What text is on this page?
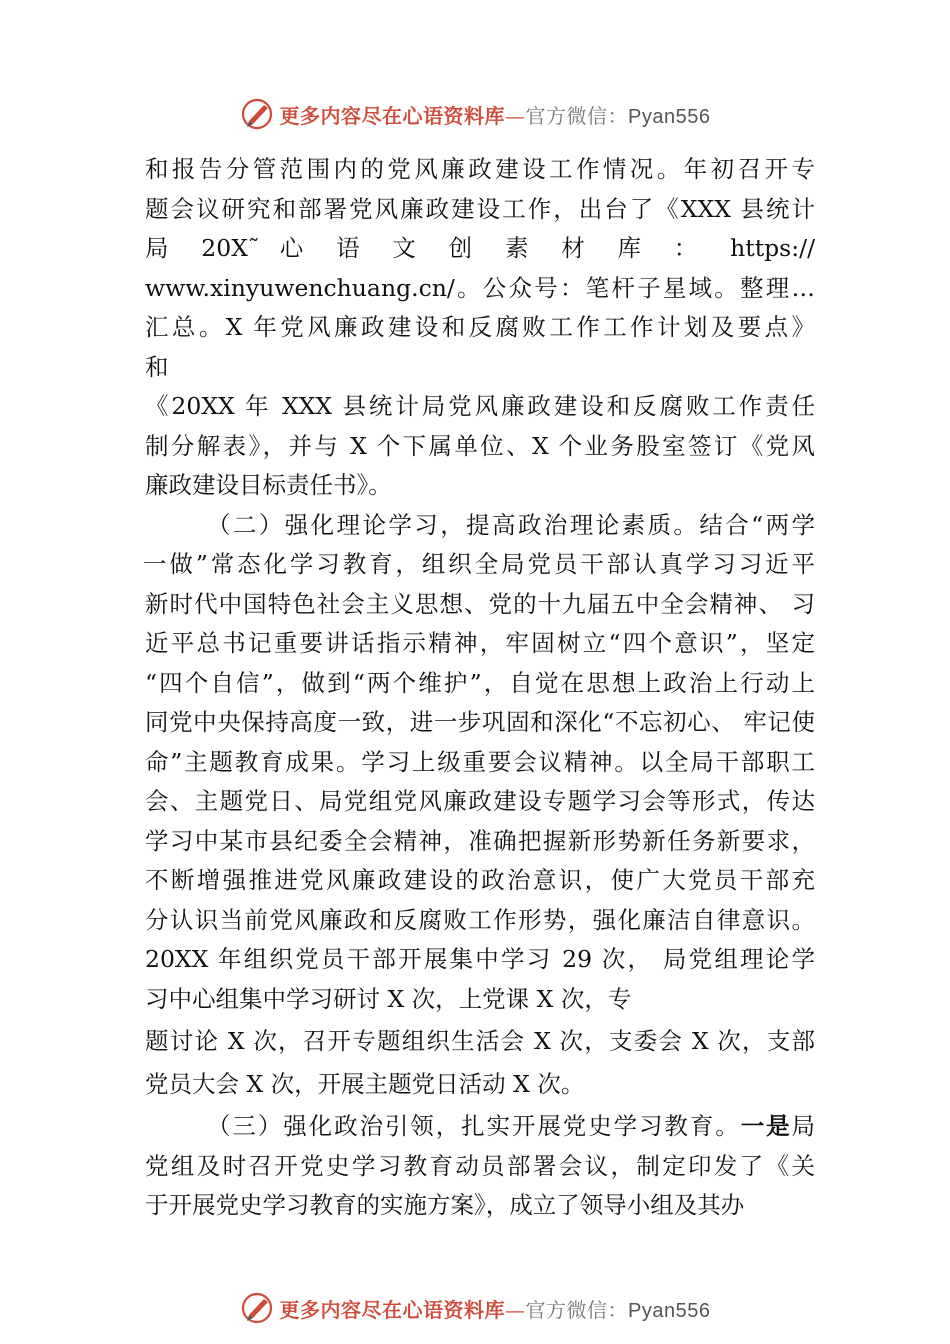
更多内容尽在心语资料库—官方微信：Pyan556
和报告分管范围内的党风廉政建设工作情况。年初召开专
题会议研究和部署党风廉政建设工作，出台了《XXX 县统计
局 20X˜ 心 语 文 创 素 材 库 ： https://
www.xinyuwenchuang.cn/。公众号：笔杆子星域。整理…
汇总。X 年党风廉政建设和反腐败工作工作计划及要点》
和
《20XX 年 XXX 县统计局党风廉政建设和反腐败工作责任
制分解表》，并与 X 个下属单位、X 个业务股室签订《党风
廉政建设目标责任书》。
（二）强化理论学习，提高政治理论素质。结合“两学
一做”常态化学习教育，组织全局党员干部认真学习习近平
新时代中国特色社会主义思想、党的十九届五中全会精神、 习
近平总书记重要讲话指示精神，牢固树立“四个意识”，坚定
“四个自信”，做到“两个维护”，自觉在思想上政治上行动上
同党中央保持高度一致，进一步巩固和深化“不忘初心、 牢记使
命”主题教育成果。学习上级重要会议精神。以全局干部职工
会、主题党日、局党组党风廉政建设专题学习会等形式，传达
学习中某市县纪委全会精神，准确把握新形势新任务新要求，
不断增强推进党风廉政建设的政治意识，使广大党员干部充
分认识当前党风廉政和反腐败工作形势，强化廉洁自律意识。
20XX 年组织党员干部开展集中学习 29 次， 局党组理论学
习中心组集中学习研讨 X 次，上党课 X 次，专
题讨论 X 次，召开专题组织生活会 X 次，支委会 X 次，支部
党员大会 X 次，开展主题党日活动 X 次。
（三）强化政治引领，扎实开展党史学习教育。一是局
党组及时召开党史学习教育动员部署会议，制定印发了《关
于开展党史学习教育的实施方案》，成立了领导小组及其办
更多内容尽在心语资料库—官方微信：Pyan556
